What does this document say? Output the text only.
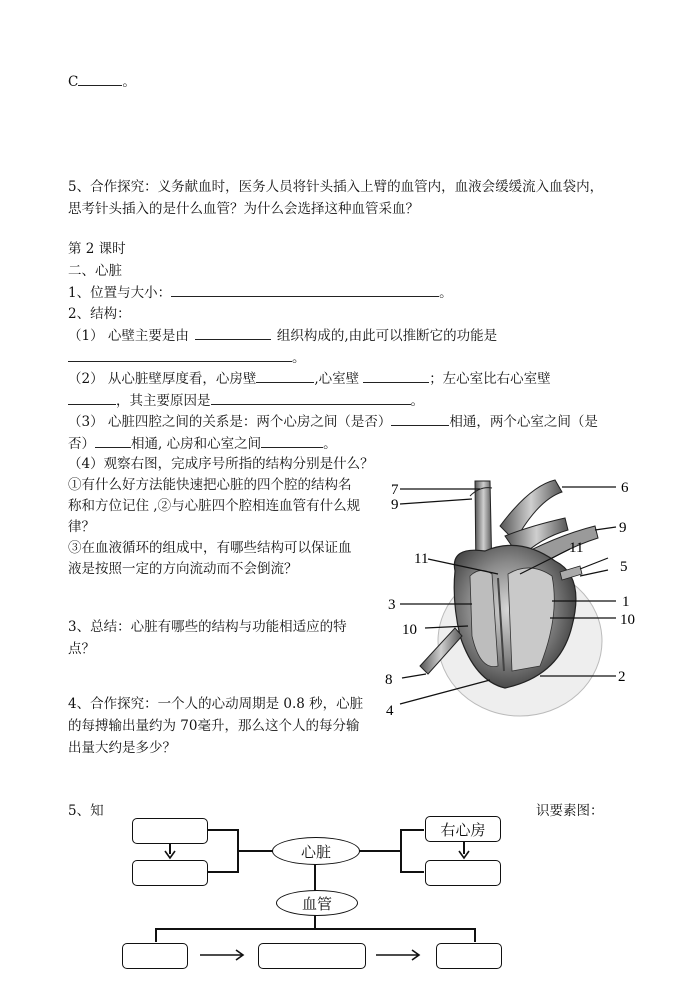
C	。
5、合作探究：义务献血时，医务人员将针头插入上臂的血管内，血液会缓缓流入血袋内，
思考针头插入的是什么血管？为什么会选择这种血管采血？
第 2 课时
二、心脏
1、位置与大小：	。
2、结构：
（1） 心壁主要是由	组织构成的,由此可以推断它的功能是
。
（2） 从心脏壁厚度看，心房壁	,心室壁	；左心室比右心室壁
，其主要原因是	。
（3） 心脏四腔之间的关系是：两个心房之间（是否）	相通，两个心室之间（是
否）	相通, 心房和心室之间	。
（4）观察右图，完成序号所指的结构分别是什么？
①有什么好方法能快速把心脏的四个腔的结构名
称和方位记住 ,②与心脏四个腔相连血管有什么规
律？
③在血液循环的组成中，有哪些结构可以保证血
液是按照一定的方向流动而不会倒流？
3、总结：心脏有哪些的结构与功能相适应的特
点？
4、合作探究：一个人的心动周期是 0.8 秒，心脏
的每搏输出量约为 70毫升，那么这个人的每分输
出量大约是多少？
7
9
6
9
11
11
5
3	1
10
10
8	2
4
5、知	识要素图：
心脏
右心房
血管
